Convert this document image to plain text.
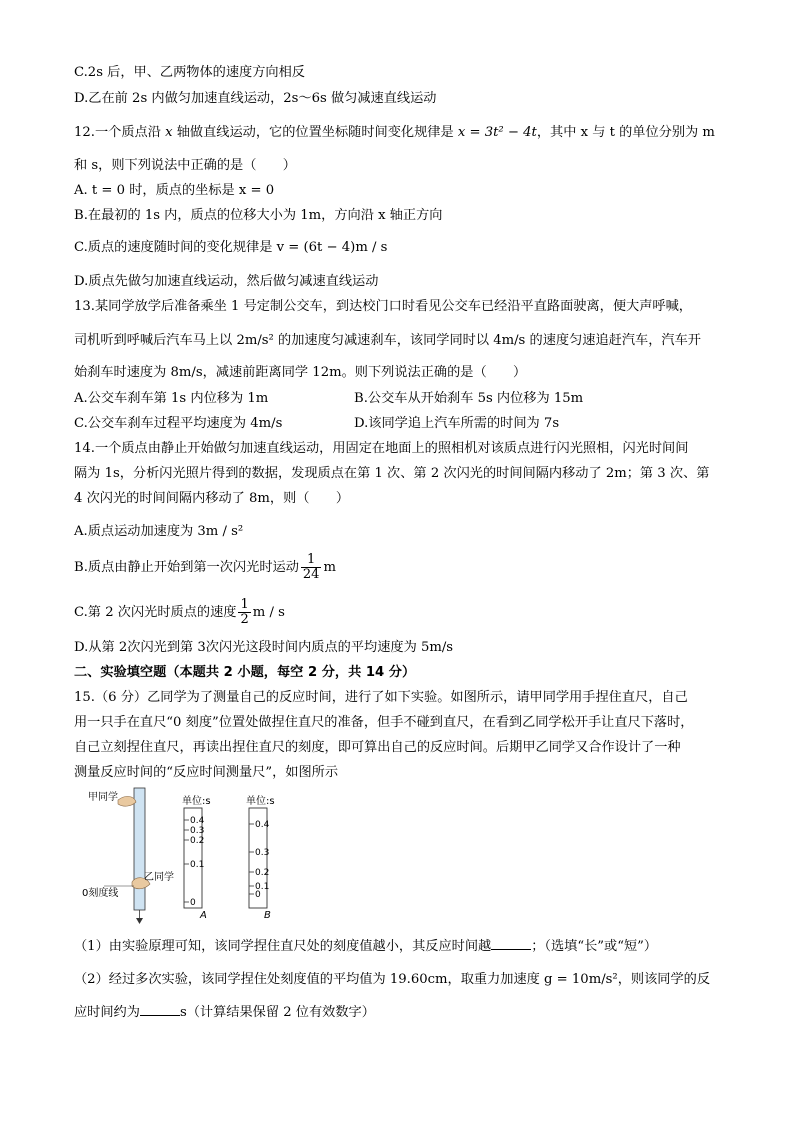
C.2s 后，甲、乙两物体的速度方向相反
D.乙在前 2s 内做匀加速直线运动，2s～6s 做匀减速直线运动
12.一个质点沿 x 轴做直线运动，它的位置坐标随时间变化规律是 x = 3t² − 4t，其中 x 与 t 的单位分别为 m
和 s，则下列说法中正确的是（　　）
A. t = 0 时，质点的坐标是 x = 0
B.在最初的 1s 内，质点的位移大小为 1m，方向沿 x 轴正方向
C.质点的速度随时间的变化规律是 v = (6t − 4)m / s
D.质点先做匀加速直线运动，然后做匀减速直线运动
13.某同学放学后准备乘坐 1 号定制公交车，到达校门口时看见公交车已经沿平直路面驶离，便大声呼喊，
司机听到呼喊后汽车马上以 2m/s² 的加速度匀减速刹车，该同学同时以 4m/s 的速度匀速追赶汽车，汽车开
始刹车时速度为 8m/s，减速前距离同学 12m。则下列说法正确的是（　　）
A.公交车刹车第 1s 内位移为 1m	B.公交车从开始刹车 5s 内位移为 15m
C.公交车刹车过程平均速度为 4m/s	D.该同学追上汽车所需的时间为 7s
14.一个质点由静止开始做匀加速直线运动，用固定在地面上的照相机对该质点进行闪光照相，闪光时间间
隔为 1s，分析闪光照片得到的数据，发现质点在第 1 次、第 2 次闪光的时间间隔内移动了 2m；第 3 次、第
4 次闪光的时间间隔内移动了 8m，则（　　）
A.质点运动加速度为 3m / s²
B.质点由静止开始到第一次闪光时运动 $\frac{1}{24}$ m
C.第 2 次闪光时质点的速度 $\frac{1}{2}$ m / s
D.从第 2次闪光到第 3次闪光这段时间内质点的平均速度为 5m/s
二、实验填空题（本题共 2 小题，每空 2 分，共 14 分）
15.（6 分）乙同学为了测量自己的反应时间，进行了如下实验。如图所示，请甲同学用手捏住直尺，自己
用一只手在直尺“0 刻度”位置处做捏住直尺的准备，但手不碰到直尺，在看到乙同学松开手让直尺下落时，
自己立刻捏住直尺，再读出捏住直尺的刻度，即可算出自己的反应时间。后期甲乙同学又合作设计了一种
测量反应时间的“反应时间测量尺”，如图所示
0.4
0.3
0.2
0.1
0
0.4
0.3
0.2
0.1
0
甲同学
乙同学
0刻度线
单位:s	单位:s
A	B
（1）由实验原理可知，该同学捏住直尺处的刻度值越小，其反应时间越	；（选填“长”或“短”）
（2）经过多次实验，该同学捏住处刻度值的平均值为 19.60cm，取重力加速度 g = 10m/s²，则该同学的反
应时间约为	s（计算结果保留 2 位有效数字）
